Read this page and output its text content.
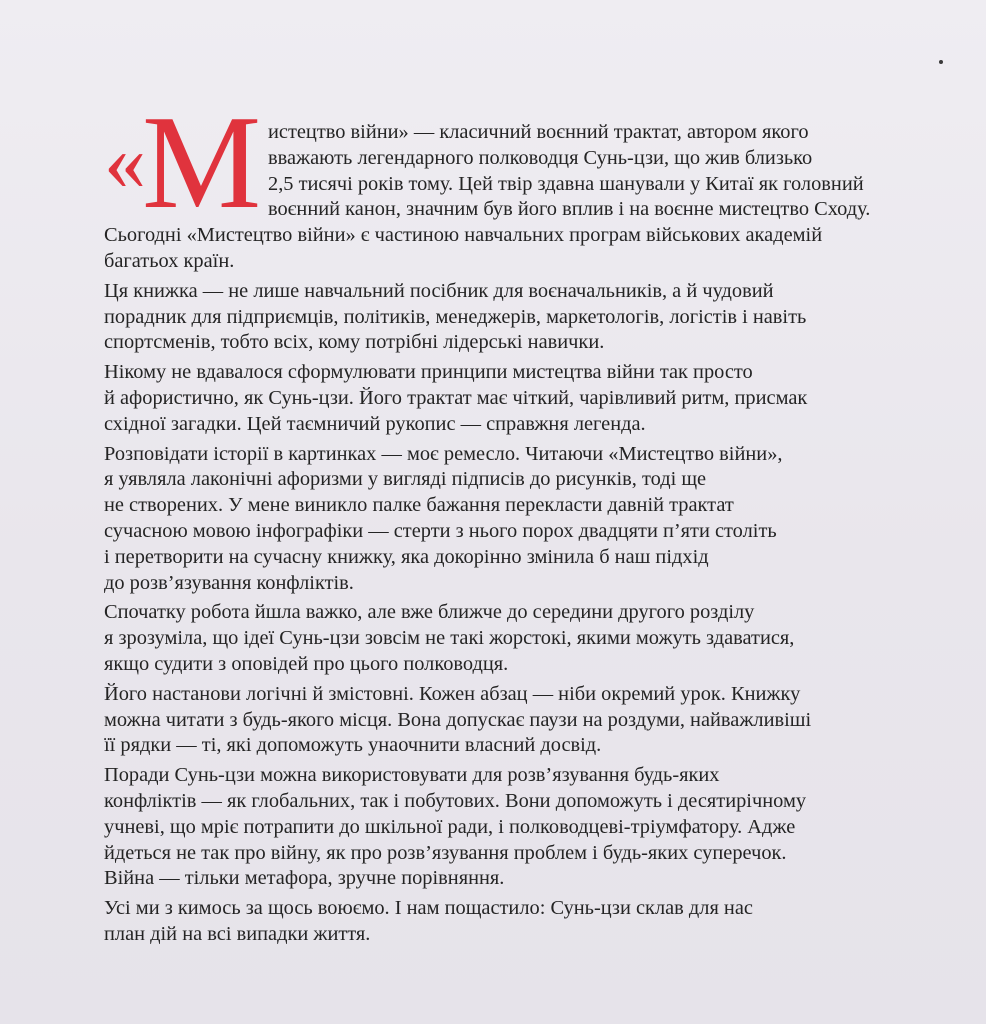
«М истецтво війни» — класичний воєнний трактат, автором якого
вважають легендарного полководця Сунь-цзи, що жив близько
2,5 тисячі років тому. Цей твір здавна шанували у Китаї як головний
воєнний канон, значним був його вплив і на воєнне мистецтво Сходу.
Сьогодні «Мистецтво війни» є частиною навчальних програм військових академій
багатьох країн.
Ця книжка — не лише навчальний посібник для воєначальників, а й чудовий
порадник для підприємців, політиків, менеджерів, маркетологів, логістів і навіть
спортсменів, тобто всіх, кому потрібні лідерські навички.
Нікому не вдавалося сформулювати принципи мистецтва війни так просто
й афористично, як Сунь-цзи. Його трактат має чіткий, чарівливий ритм, присмак
східної загадки. Цей таємничий рукопис — справжня легенда.
Розповідати історії в картинках — моє ремесло. Читаючи «Мистецтво війни»,
я уявляла лаконічні афоризми у вигляді підписів до рисунків, тоді ще
не створених. У мене виникло палке бажання перекласти давній трактат
сучасною мовою інфографіки — стерти з нього порох двадцяти п’яти століть
і перетворити на сучасну книжку, яка докорінно змінила б наш підхід
до розв’язування конфліктів.
Спочатку робота йшла важко, але вже ближче до середини другого розділу
я зрозуміла, що ідеї Сунь-цзи зовсім не такі жорстокі, якими можуть здаватися,
якщо судити з оповідей про цього полководця.
Його настанови логічні й змістовні. Кожен абзац — ніби окремий урок. Книжку
можна читати з будь-якого місця. Вона допускає паузи на роздуми, найважливіші
її рядки — ті, які допоможуть унаочнити власний досвід.
Поради Сунь-цзи можна використовувати для розв’язування будь-яких
конфліктів — як глобальних, так і побутових. Вони допоможуть і десятирічному
учневі, що мріє потрапити до шкільної ради, і полководцеві-тріумфатору. Адже
йдеться не так про війну, як про розв’язування проблем і будь-яких суперечок.
Війна — тільки метафора, зручне порівняння.
Усі ми з кимось за щось воюємо. І нам пощастило: Сунь-цзи склав для нас
план дій на всі випадки життя.
